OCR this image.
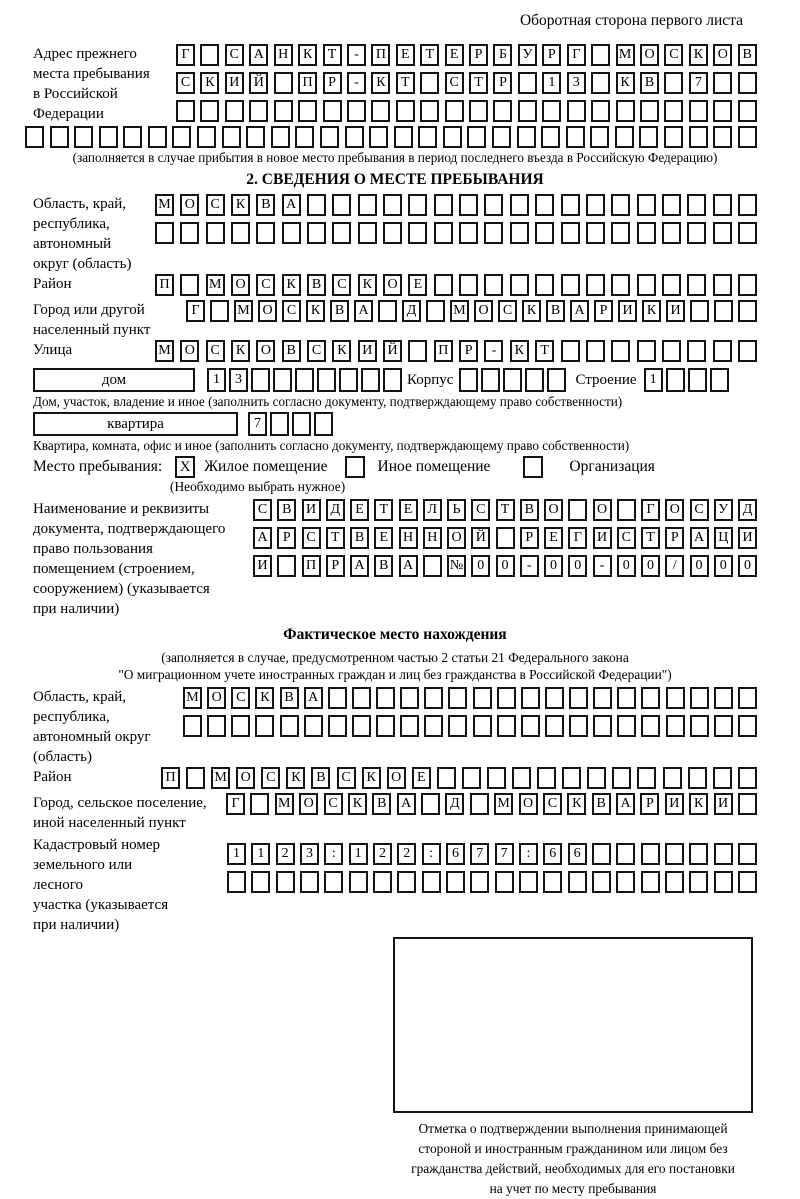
Оборотная сторона первого листа
Адрес прежнего
места пребывания
в Российской
Федерации
Г	С	А	Н	К	Т	-	П	Е	Т	Е	Р	Б	У	Р	Г	М О	С	К	О	В
С	К	И	Й	П	Р	-	К	Т	С	Т	Р	1	3	К	В	7
(заполняется в случае прибытия в новое место пребывания в период последнего въезда в Российскую Федерацию)
2. СВЕДЕНИЯ О МЕСТЕ ПРЕБЫВАНИЯ
Область, край,
республика,
автономный
округ (область)
М	О	С	К	В	А
Район	П	М	О	С	К	В	С	К	О	Е
Город или другой
населенный пункт
Г	М О	С	К	В	А	Д	М О	С	К	В	А	Р	И	К	И
Улица	М	О	С	К	О	В	С	К	И	Й	П	Р	-	К	Т
дом	1	3	Корпус	Строение 1
Дом, участок, владение и иное (заполнить согласно документу, подтверждающему право собственности)
квартира	7
Квартира, комната, офис и иное (заполнить согласно документу, подтверждающему право собственности)
Место пребывания:	X Жилое помещение	Иное помещение	Организация
(Необходимо выбрать нужное)
Наименование и реквизиты
документа, подтверждающего
право пользования
помещением (строением,
сооружением) (указывается
при наличии)
С	В	И	Д	Е	Т	Е	Л	Ь	С	Т	В	О	О	Г	О	С	У	Д
А	Р	С	Т	В	Е	Н	Н	О	Й	Р	Е	Г	И	С	Т	Р	А	Ц	И
И	П	Р	А	В	А	№	0	0	-	0	0	-	0	0	/	0	0	0
Фактическое место нахождения
(заполняется в случае, предусмотренном частью 2 статьи 21 Федерального закона
"О миграционном учете иностранных граждан и лиц без гражданства в Российской Федерации")
Область, край,
республика,
автономный округ
(область)
М О	С	К	В	А
Район	П	М О	С	К	В	С	К	О	Е
Город, сельское поселение,
иной населенный пункт
Г	М О	С	К	В	А	Д	М О	С	К	В	А	Р	И	К	И
Кадастровый номер
земельного или лесного
участка (указывается
при наличии)
1	1	2	3	:	1	2	2	:	6	7	7	:	6	6
Отметка о подтверждении выполнения принимающей
стороной и иностранным гражданином или лицом без
гражданства действий, необходимых для его постановки
на учет по месту пребывания
